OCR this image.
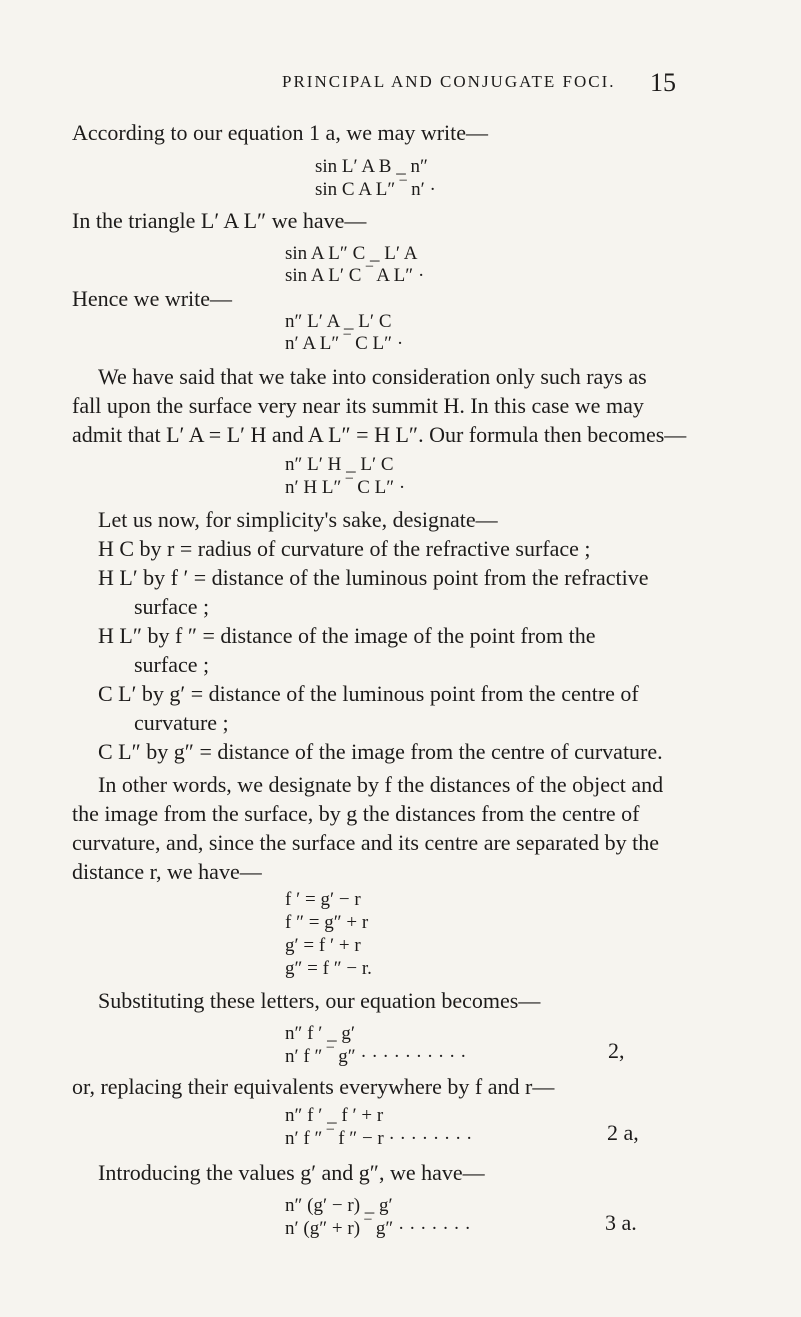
PRINCIPAL AND CONJUGATE FOCI. 15
According to our equation 1 a, we may write—
sin L′ A B _ n″
sin C A L″ ‾ n′ ·
In the triangle L′ A L″ we have—
sin A L″ C _ L′ A
sin A L′ C ‾ A L″ ·
Hence we write—
n″ L′ A _ L′ C
n′ A L″ ‾ C L″ ·
We have said that we take into consideration only such rays as
fall upon the surface very near its summit H. In this case we may
admit that L′ A = L′ H and A L″ = H L″. Our formula then becomes—
n″ L′ H _ L′ C
n′ H L″ ‾ C L″ ·
Let us now, for simplicity's sake, designate—
H C by r = radius of curvature of the refractive surface ;
H L′ by f ′ = distance of the luminous point from the refractive
surface ;
H L″ by f ″ = distance of the image of the point from the
surface ;
C L′ by g′ = distance of the luminous point from the centre of
curvature ;
C L″ by g″ = distance of the image from the centre of curvature.
In other words, we designate by f the distances of the object and
the image from the surface, by g the distances from the centre of
curvature, and, since the surface and its centre are separated by the
distance r, we have—
f ′ = g′ − r
f ″ = g″ + r
g′ = f ′ + r
g″ = f ″ − r.
Substituting these letters, our equation becomes—
n″ f ′ _ g′
n′ f ″ ‾ g″ · · · · · · · · · ·	2,
or, replacing their equivalents everywhere by f and r—
n″ f ′ _ f ′ + r
n′ f ″ ‾ f ″ − r · · · · · · · ·	2 a,
Introducing the values g′ and g″, we have—
n″ (g′ − r) _ g′
n′ (g″ + r) ‾ g″ · · · · · · ·	3 a.
